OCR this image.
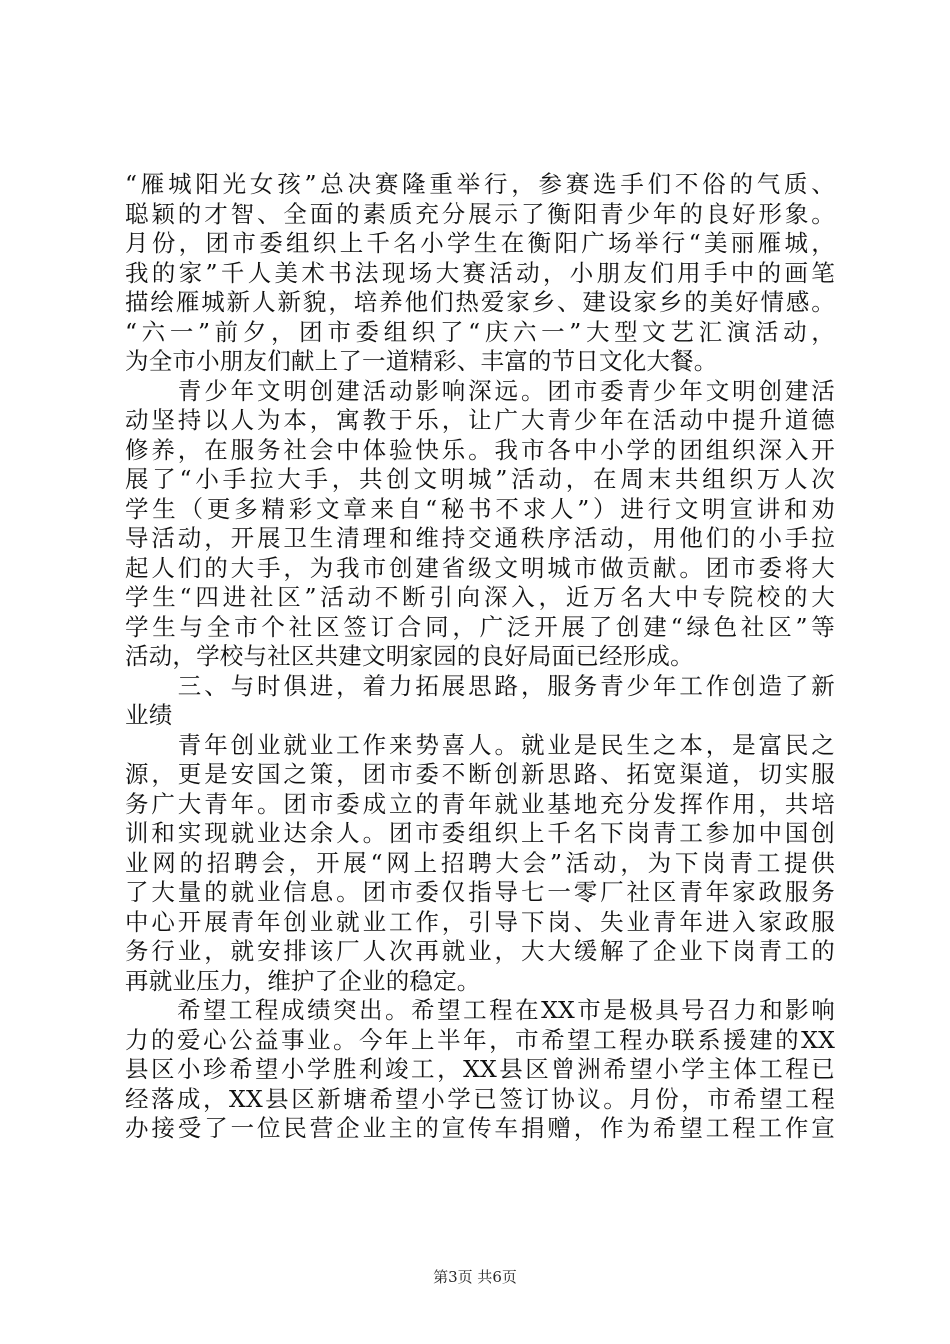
“雁城阳光女孩”总决赛隆重举行，参赛选手们不俗的气质、
聪颖的才智、全面的素质充分展示了衡阳青少年的良好形象。
月份，团市委组织上千名小学生在衡阳广场举行“美丽雁城，
我的家”千人美术书法现场大赛活动，小朋友们用手中的画笔
描绘雁城新人新貌，培养他们热爱家乡、建设家乡的美好情感。
“六一”前夕，团市委组织了“庆六一”大型文艺汇演活动，
为全市小朋友们献上了一道精彩、丰富的节日文化大餐。
　　青少年文明创建活动影响深远。团市委青少年文明创建活
动坚持以人为本，寓教于乐，让广大青少年在活动中提升道德
修养，在服务社会中体验快乐。我市各中小学的团组织深入开
展了“小手拉大手，共创文明城”活动，在周末共组织万人次
学生（更多精彩文章来自“秘书不求人”）进行文明宣讲和劝
导活动，开展卫生清理和维持交通秩序活动，用他们的小手拉
起人们的大手，为我市创建省级文明城市做贡献。团市委将大
学生“四进社区”活动不断引向深入，近万名大中专院校的大
学生与全市个社区签订合同，广泛开展了创建“绿色社区”等
活动，学校与社区共建文明家园的良好局面已经形成。
　　三、与时俱进，着力拓展思路，服务青少年工作创造了新
业绩
　　青年创业就业工作来势喜人。就业是民生之本，是富民之
源，更是安国之策，团市委不断创新思路、拓宽渠道，切实服
务广大青年。团市委成立的青年就业基地充分发挥作用，共培
训和实现就业达余人。团市委组织上千名下岗青工参加中国创
业网的招聘会，开展“网上招聘大会”活动，为下岗青工提供
了大量的就业信息。团市委仅指导七一零厂社区青年家政服务
中心开展青年创业就业工作，引导下岗、失业青年进入家政服
务行业，就安排该厂人次再就业，大大缓解了企业下岗青工的
再就业压力，维护了企业的稳定。
　　希望工程成绩突出。希望工程在XX市是极具号召力和影响
力的爱心公益事业。今年上半年，市希望工程办联系援建的XX
县区小珍希望小学胜利竣工，XX县区曾洲希望小学主体工程已
经落成，XX县区新塘希望小学已签订协议。月份，市希望工程
办接受了一位民营企业主的宣传车捐赠，作为希望工程工作宣
第3页 共6页
